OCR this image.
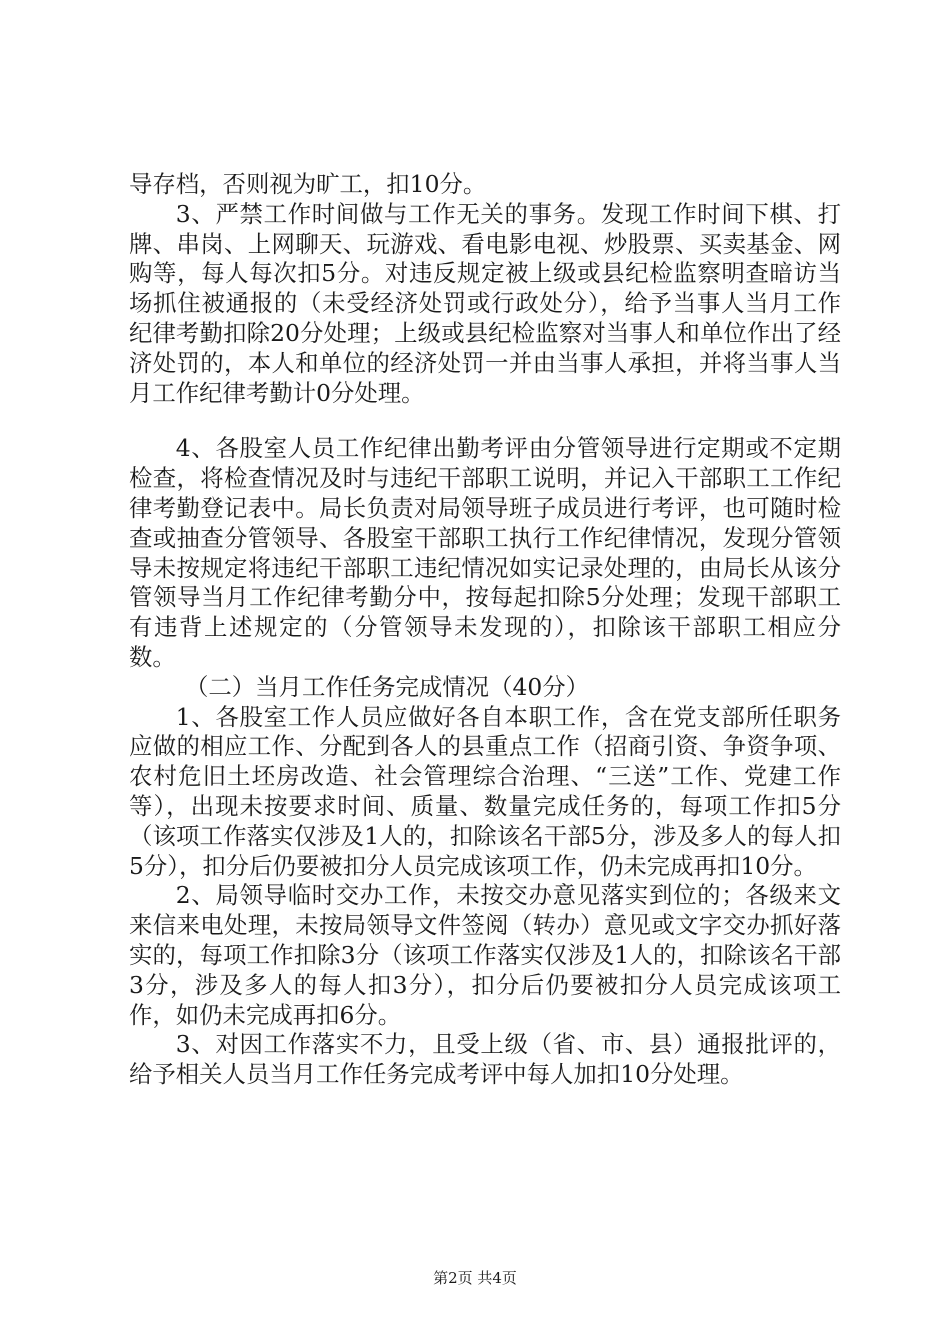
导存档，否则视为旷工，扣10分。

3、严禁工作时间做与工作无关的事务。发现工作时间下棋、打牌、串岗、上网聊天、玩游戏、看电影电视、炒股票、买卖基金、网购等，每人每次扣5分。对违反规定被上级或县纪检监察明查暗访当场抓住被通报的（未受经济处罚或行政处分），给予当事人当月工作纪律考勤扣除20分处理；上级或县纪检监察对当事人和单位作出了经济处罚的，本人和单位的经济处罚一并由当事人承担，并将当事人当月工作纪律考勤计0分处理。

4、各股室人员工作纪律出勤考评由分管领导进行定期或不定期检查，将检查情况及时与违纪干部职工说明，并记入干部职工工作纪律考勤登记表中。局长负责对局领导班子成员进行考评，也可随时检查或抽查分管领导、各股室干部职工执行工作纪律情况，发现分管领导未按规定将违纪干部职工违纪情况如实记录处理的，由局长从该分管领导当月工作纪律考勤分中，按每起扣除5分处理；发现干部职工有违背上述规定的（分管领导未发现的），扣除该干部职工相应分数。

（二）当月工作任务完成情况（40分）

1、各股室工作人员应做好各自本职工作，含在党支部所任职务应做的相应工作、分配到各人的县重点工作（招商引资、争资争项、农村危旧土坯房改造、社会管理综合治理、“三送”工作、党建工作等），出现未按要求时间、质量、数量完成任务的，每项工作扣5分（该项工作落实仅涉及1人的，扣除该名干部5分，涉及多人的每人扣5分），扣分后仍要被扣分人员完成该项工作，仍未完成再扣10分。

2、局领导临时交办工作，未按交办意见落实到位的；各级来文来信来电处理，未按局领导文件签阅（转办）意见或文字交办抓好落实的，每项工作扣除3分（该项工作落实仅涉及1人的，扣除该名干部3分，涉及多人的每人扣3分），扣分后仍要被扣分人员完成该项工作，如仍未完成再扣6分。

3、对因工作落实不力，且受上级（省、市、县）通报批评的，给予相关人员当月工作任务完成考评中每人加扣10分处理。

第2页 共4页
